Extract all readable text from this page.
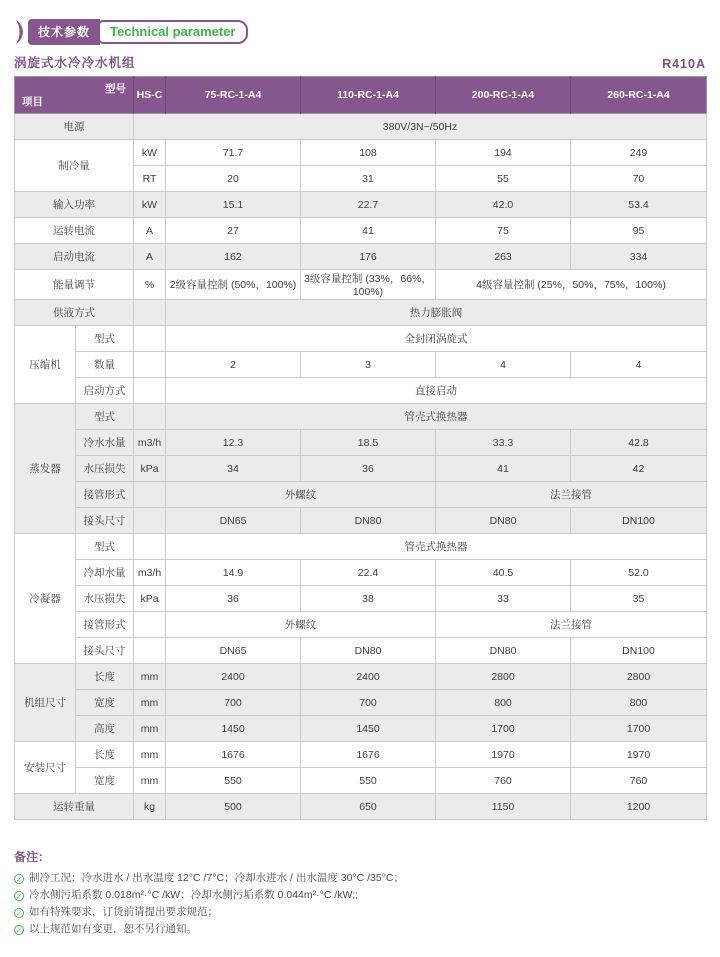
技术参数	Technical parameter
涡旋式水冷冷水机组	R410A
型号
项目		HS-C	75-RC-1-A4	110-RC-1-A4	200-RC-1-A4	260-RC-1-A4
电源		380V/3N~/50Hz				
制冷量		kW	71.7	108	194	249
		RT	20	31	55	70
输入功率		kW	15.1	22.7	42.0	53.4
运转电流		A	27	41	75	95
启动电流		A	162	176	263	334
能量调节		%	2级容量控制 (50%，100%)	3级容量控制 (33%，66%，100%)	4级容量控制 (25%，50%，75%，100%)	
供液方式			热力膨胀阀			
压缩机	型式		全封闭涡旋式			
	数量		2	3	4	4
	启动方式		直接启动			
蒸发器	型式		管壳式换热器			
	冷水水量	m3/h	12.3	18.5	33.3	42.8
	水压损失	kPa	34	36	41	42
	接管形式		外螺纹		法兰接管	
	接头尺寸		DN65	DN80	DN80	DN100
冷凝器	型式		管壳式换热器			
	冷却水量	m3/h	14.9	22.4	40.5	52.0
	水压损失	kPa	36	38	33	35
	接管形式		外螺纹		法兰接管	
	接头尺寸		DN65	DN80	DN80	DN100
机组尺寸	长度	mm	2400	2400	2800	2800
	宽度	mm	700	700	800	800
	高度	mm	1450	1450	1700	1700
安装尺寸	长度	mm	1676	1676	1970	1970
	宽度	mm	550	550	760	760
运转重量		kg	500	650	1150	1200
备注：
✓ 制冷工况：冷水进水 / 出水温度 12°C /7°C；冷却水进水 / 出水温度 30°C /35°C；
✓ 冷水侧污垢系数 0.018m²·°C /kW；冷却水侧污垢系数 0.044m²·°C /kW;;
✓ 如有特殊要求，订货前请提出要求规范；
✓ 以上规范如有变更，恕不另行通知。
